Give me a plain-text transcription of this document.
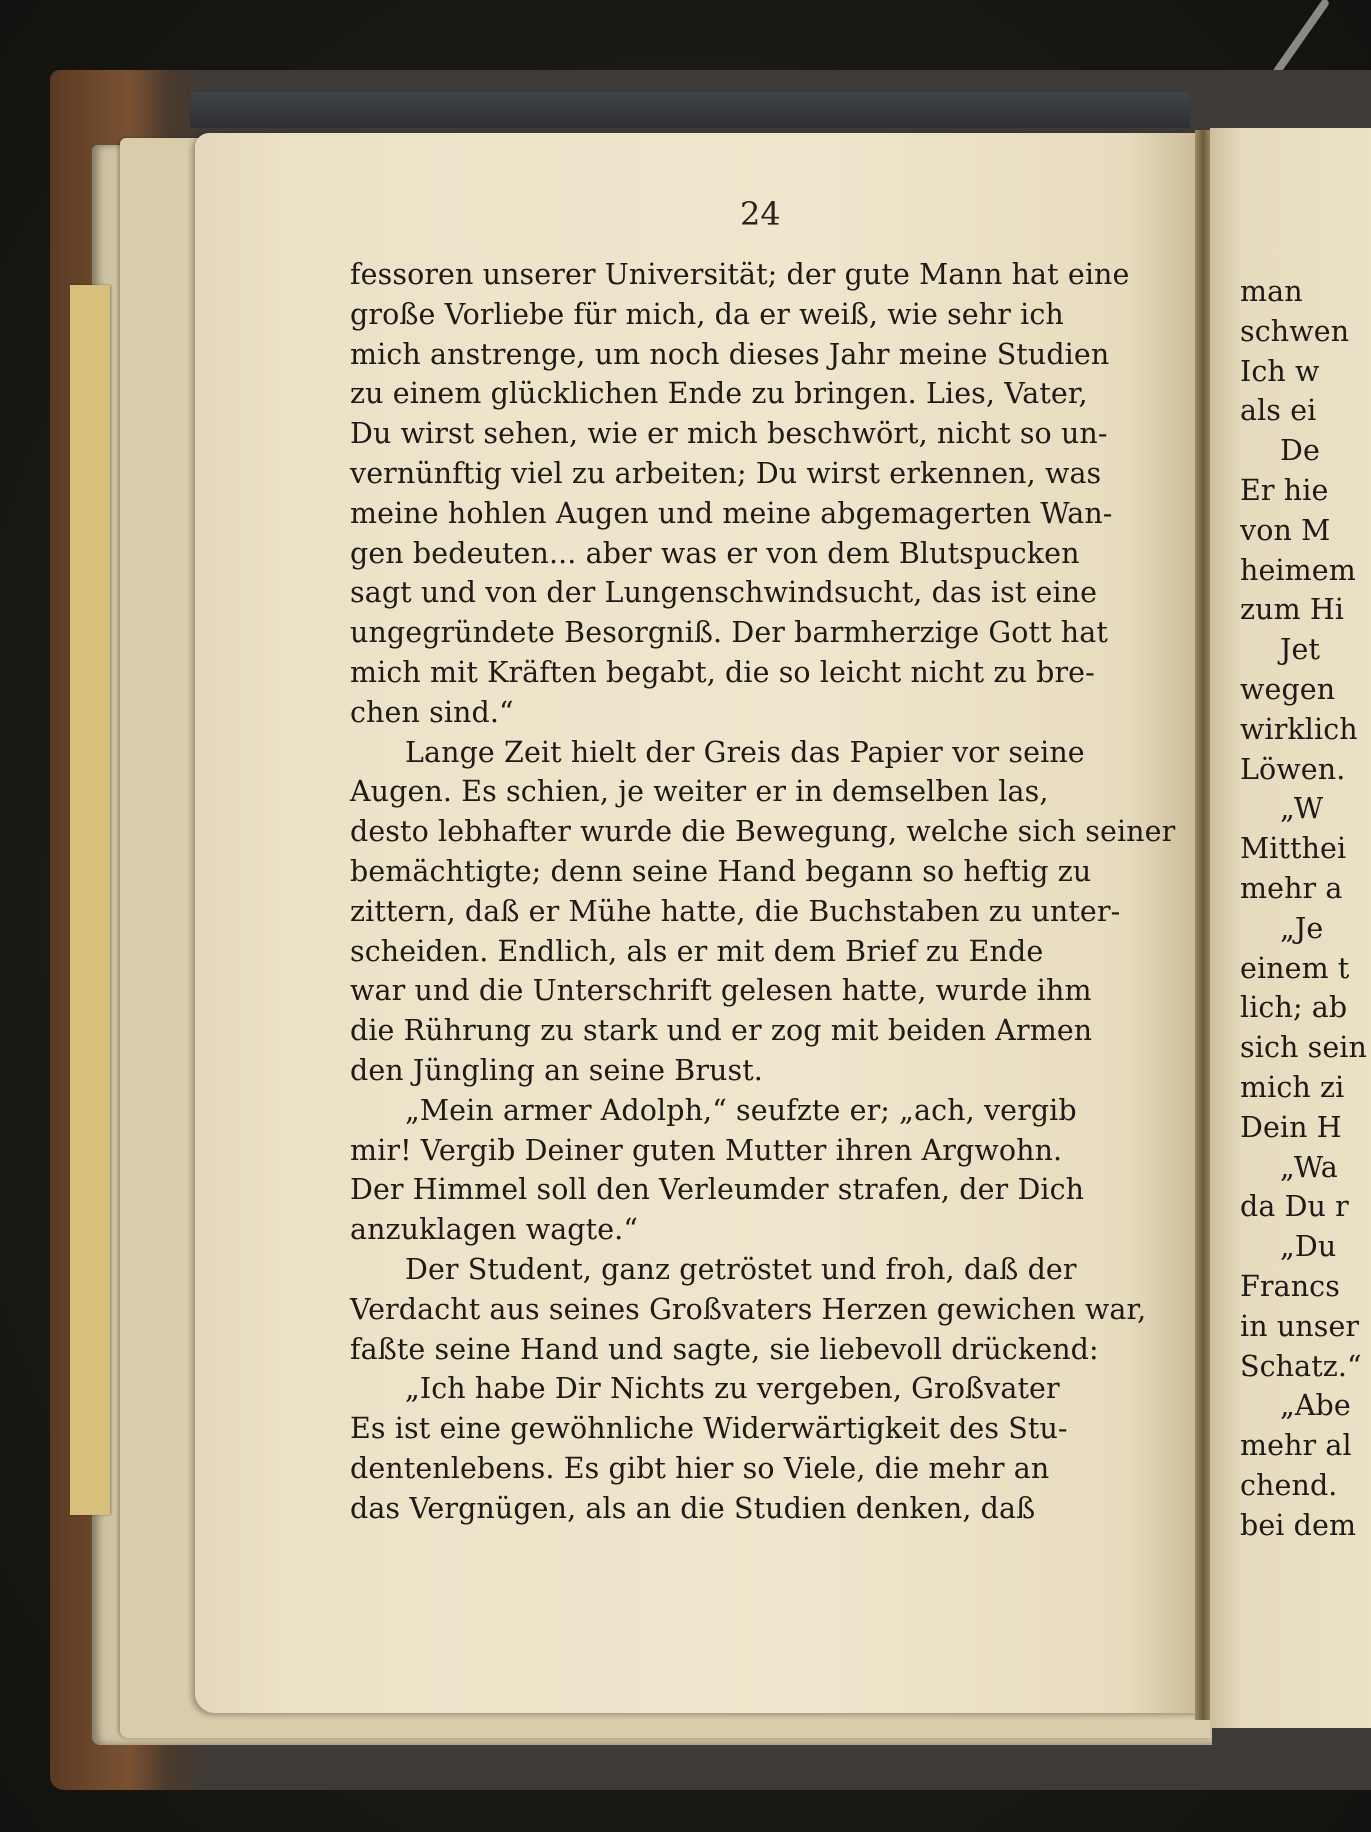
24
fessoren unserer Universität; der gute Mann hat eine
große Vorliebe für mich, da er weiß, wie sehr ich
mich anstrenge, um noch dieses Jahr meine Studien
zu einem glücklichen Ende zu bringen. Lies, Vater,
Du wirst sehen, wie er mich beschwört, nicht so un-
vernünftig viel zu arbeiten; Du wirst erkennen, was
meine hohlen Augen und meine abgemagerten Wan-
gen bedeuten... aber was er von dem Blutspucken
sagt und von der Lungenschwindsucht, das ist eine
ungegründete Besorgniß. Der barmherzige Gott hat
mich mit Kräften begabt, die so leicht nicht zu bre-
chen sind.“
Lange Zeit hielt der Greis das Papier vor seine
Augen. Es schien, je weiter er in demselben las,
desto lebhafter wurde die Bewegung, welche sich seiner
bemächtigte; denn seine Hand begann so heftig zu
zittern, daß er Mühe hatte, die Buchstaben zu unter-
scheiden. Endlich, als er mit dem Brief zu Ende
war und die Unterschrift gelesen hatte, wurde ihm
die Rührung zu stark und er zog mit beiden Armen
den Jüngling an seine Brust.
„Mein armer Adolph,“ seufzte er; „ach, vergib
mir! Vergib Deiner guten Mutter ihren Argwohn.
Der Himmel soll den Verleumder strafen, der Dich
anzuklagen wagte.“
Der Student, ganz getröstet und froh, daß der
Verdacht aus seines Großvaters Herzen gewichen war,
faßte seine Hand und sagte, sie liebevoll drückend:
„Ich habe Dir Nichts zu vergeben, Großvater
Es ist eine gewöhnliche Widerwärtigkeit des Stu-
dentenlebens. Es gibt hier so Viele, die mehr an
das Vergnügen, als an die Studien denken, daß
man
schwen
Ich w
als ei
De
Er hie
von M
heimem
zum Hi
Jet
wegen
wirklich
Löwen.
„W
Mitthei
mehr a
„Je
einem t
lich; ab
sich sein
mich zi
Dein H
„Wa
da Du r
„Du
Francs
in unser
Schatz.“
„Abe
mehr al
chend.
bei dem
